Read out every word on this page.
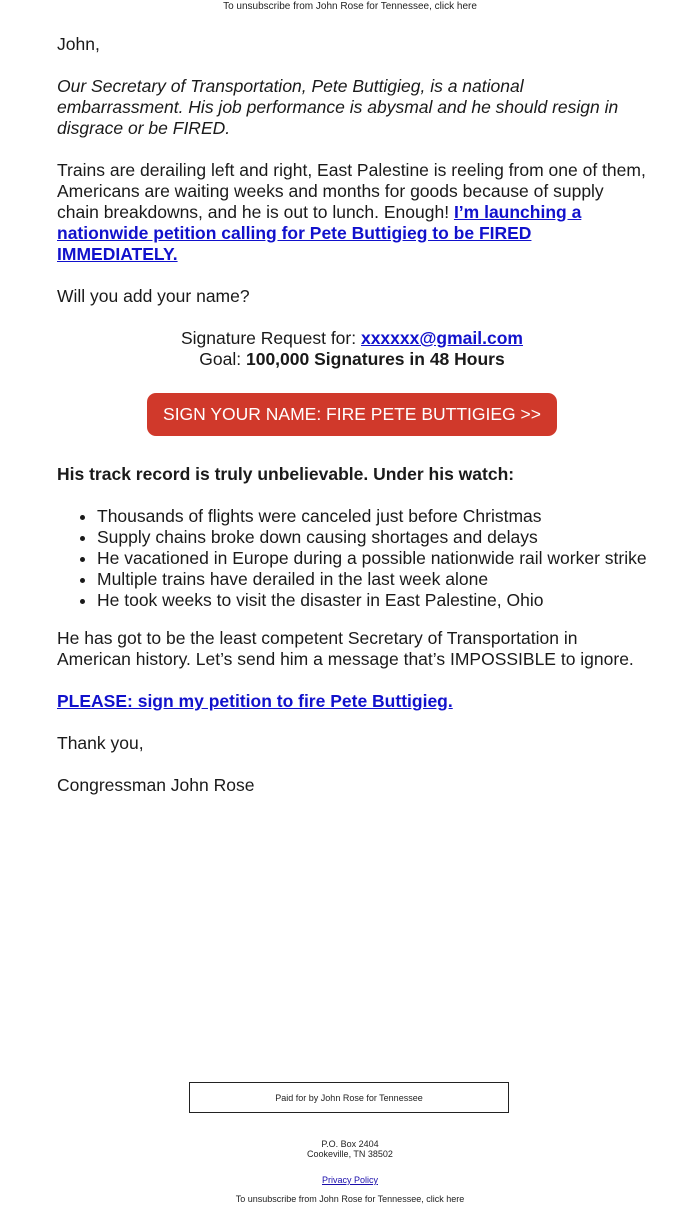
To unsubscribe from John Rose for Tennessee, click here

John,

Our Secretary of Transportation, Pete Buttigieg, is a national embarrassment. His job performance is abysmal and he should resign in disgrace or be FIRED.

Trains are derailing left and right, East Palestine is reeling from one of them, Americans are waiting weeks and months for goods because of supply chain breakdowns, and he is out to lunch. Enough! I’m launching a nationwide petition calling for Pete Buttigieg to be FIRED IMMEDIATELY.

Will you add your name?

Signature Request for: xxxxxx@gmail.com
Goal: 100,000 Signatures in 48 Hours
SIGN YOUR NAME: FIRE PETE BUTTIGIEG >>

His track record is truly unbelievable. Under his watch:

• Thousands of flights were canceled just before Christmas
• Supply chains broke down causing shortages and delays
• He vacationed in Europe during a possible nationwide rail worker strike
• Multiple trains have derailed in the last week alone
• He took weeks to visit the disaster in East Palestine, Ohio

He has got to be the least competent Secretary of Transportation in American history. Let’s send him a message that’s IMPOSSIBLE to ignore.

PLEASE: sign my petition to fire Pete Buttigieg.

Thank you,

Congressman John Rose

Paid for by John Rose for Tennessee
P.O. Box 2404
Cookeville, TN 38502
Privacy Policy
To unsubscribe from John Rose for Tennessee, click here
